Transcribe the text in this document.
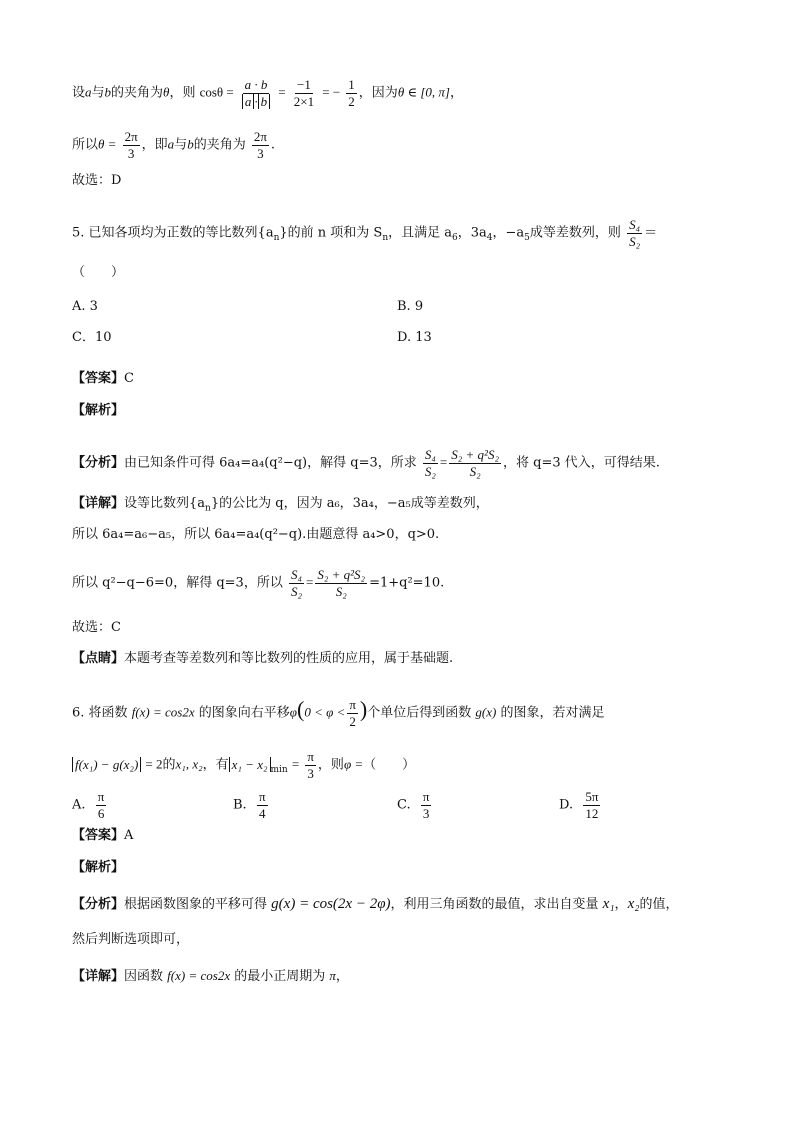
设a与b的夹角为θ，则 $\cos\theta = \frac{a \cdot b}{a \cdot b} = \frac{-1}{2\times 1}$ = − $\frac{1}{2}$ ，因为θ ∈ [0, π]，
所以$\theta = \frac{2\pi}{3}$ ，即a与b的夹角为 $\frac{2\pi}{3}$ .
故选：D
5. 已知各项均为正数的等比数列$\{a_n\}$的前 n 项和为 $S_n$，且满足 $a_6$，$3a_4$，$-a_5$成等差数列，则 $\frac{\text{S₄}}{\text{S₂}}$ ＝
（　　）
A. 3	B. 9
C．10	D. 13
【答案】C
【解析】
【分析】由已知条件可得 6a₄=a₄(q²−q)，解得 q=3，所求 $\frac{\text{S₄}}{\text{S₂}} = \frac{\text{S₂ + q²S₂}}{\text{S₂}}$ ，将 q=3 代入，可得结果.
【详解】设等比数列$\{a_n\}$的公比为 q，因为 a₆，3a₄，−a₅成等差数列，
所以 6a₄=a₆−a₅，所以 6a₄=a₄(q²−q).由题意得 a₄>0，q>0.
所以 q²−q−6=0，解得 q=3，所以 $\frac{\text{S₄}}{\text{S₂}} = \frac{\text{S₂ + q²S₂}}{\text{S₂}} =1+q^2=10$.
故选：C
【点睛】本题考查等差数列和等比数列的性质的应用，属于基础题.
6. 将函数 f(x) = cos2x 的图象向右平移$\varphi(0 < \varphi < \frac{\pi}{2}$ )个单位后得到函数 g(x) 的图象，若对满足
f(x₁) − g(x₂) = 2的x₁, x₂，有 x₁ − x₂ $_{min} = \frac{\pi}{3}$ ，则φ =（　　）
A. $\frac{\pi}{6}$	B. $\frac{\pi}{4}$	C. $\frac{\pi}{3}$	D. $\frac{5\pi}{12}$
【答案】A
【解析】
【分析】根据函数图象的平移可得 g(x) = cos(2x − 2φ)，利用三角函数的最值，求出自变量 x₁，x₂的值，
然后判断选项即可，
【详解】因函数 f(x) = cos2x 的最小正周期为 π，
